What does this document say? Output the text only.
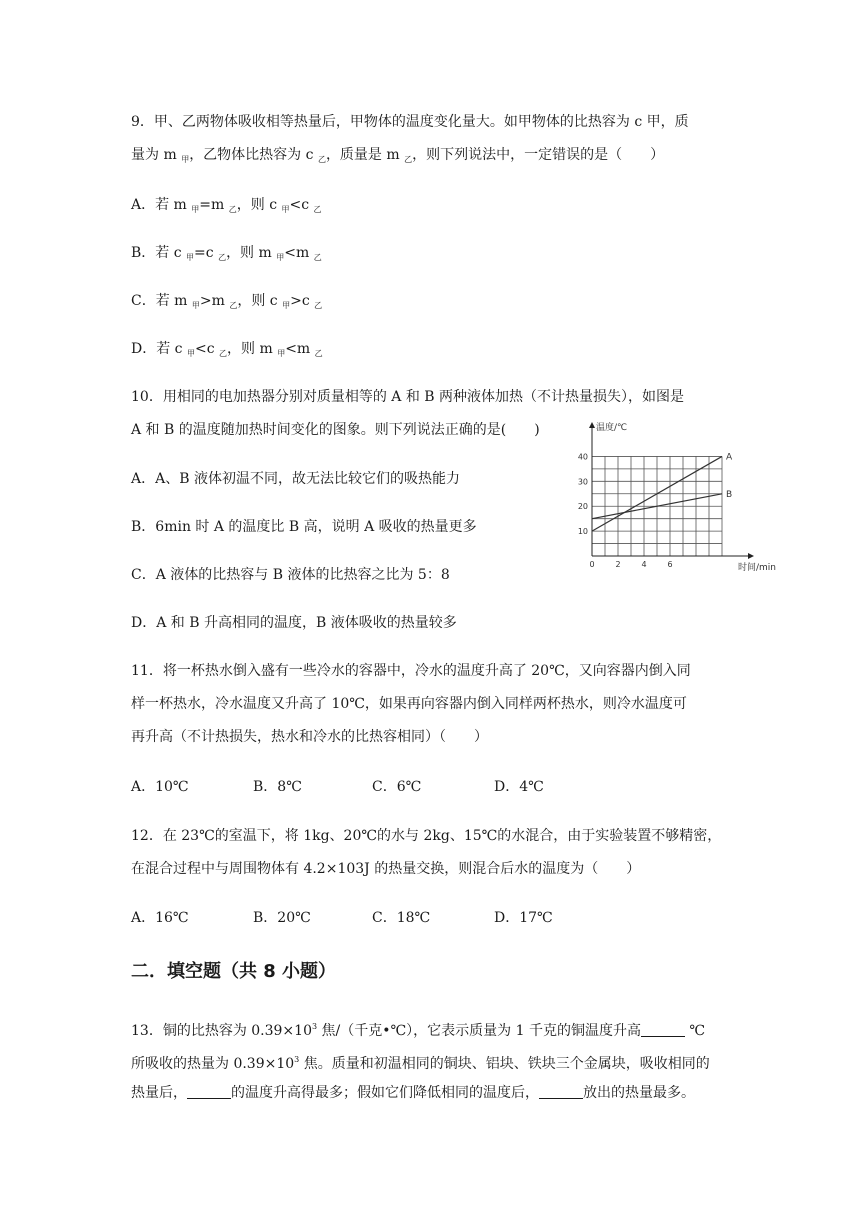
9．甲、乙两物体吸收相等热量后，甲物体的温度变化量大。如甲物体的比热容为 c 甲，质
量为 m $_甲$，乙物体比热容为 c $_乙$，质量是 m $_乙$，则下列说法中，一定错误的是（　　）
A．若 m $_甲$=m $_乙$，则 c $_甲$<c $_乙$
B．若 c $_甲$=c $_乙$，则 m $_甲$<m $_乙$
C．若 m $_甲$>m $_乙$，则 c $_甲$>c $_乙$
D．若 c $_甲$<c $_乙$，则 m $_甲$<m $_乙$
10．用相同的电加热器分别对质量相等的 A 和 B 两种液体加热（不计热量损失），如图是
A 和 B 的温度随加热时间变化的图象。则下列说法正确的是(　　)
A．A、B 液体初温不同，故无法比较它们的吸热能力
B．6min 时 A 的温度比 B 高，说明 A 吸收的热量更多
C．A 液体的比热容与 B 液体的比热容之比为 5：8
D．A 和 B 升高相同的温度，B 液体吸收的热量较多
0	2	4	6
10
20
30
40	A
B
温度/℃
时间/min
11．将一杯热水倒入盛有一些冷水的容器中，冷水的温度升高了 20℃，又向容器内倒入同
样一杯热水，冷水温度又升高了 10℃，如果再向容器内倒入同样两杯热水，则冷水温度可
再升高（不计热损失，热水和冷水的比热容相同）（　　）
A．10℃	B．8℃	C．6℃	D．4℃
12．在 23℃的室温下，将 1kg、20℃的水与 2kg、15℃的水混合，由于实验装置不够精密，
在混合过程中与周围物体有 4.2×103J 的热量交换，则混合后水的温度为（　　）
A．16℃	B．20℃	C．18℃	D．17℃
二．填空题（共 8 小题）
13．铜的比热容为 $0.39\times 10^3$ 焦/（千克•℃），它表示质量为 1 千克的铜温度升高	℃
所吸收的热量为 $0.39\times 10^3$ 焦。质量和初温相同的铜块、铝块、铁块三个金属块，吸收相同的
热量后，	的温度升高得最多；假如它们降低相同的温度后，	放出的热量最多。
